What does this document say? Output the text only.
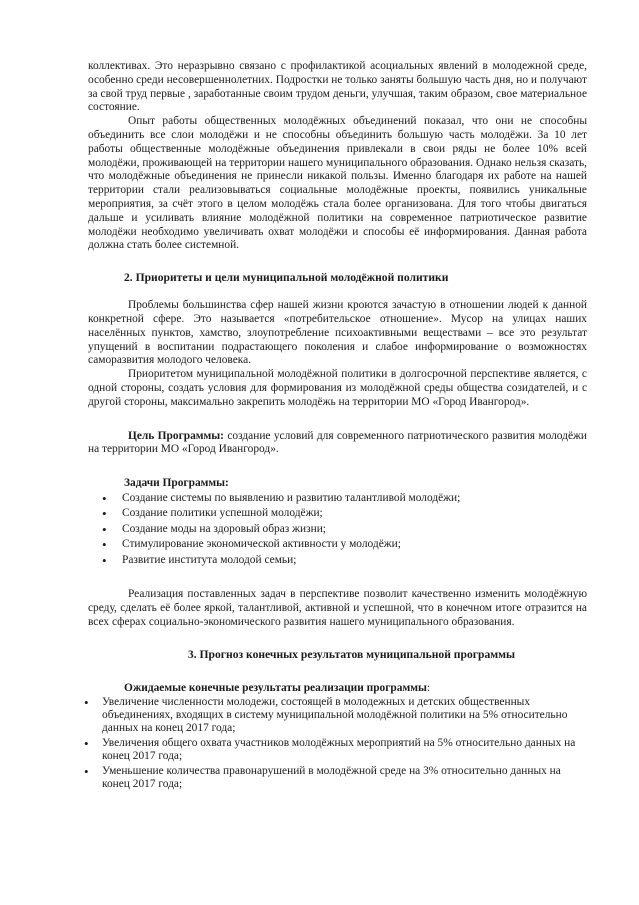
коллективах. Это неразрывно связано с профилактикой асоциальных явлений в молодежной среде, особенно среди несовершеннолетних. Подростки не только заняты большую часть дня, но и получают за свой труд первые , заработанные своим трудом деньги, улучшая, таким образом, свое материальное состояние.

Опыт работы общественных молодёжных объединений показал, что они не способны объединить все слои молодёжи и не способны объединить большую часть молодёжи. За 10 лет работы общественные молодёжные объединения привлекали в свои ряды не более 10% всей молодёжи, проживающей на территории нашего муниципального образования. Однако нельзя сказать, что молодёжные объединения не принесли никакой пользы. Именно благодаря их работе на нашей территории стали реализовываться социальные молодёжные проекты, появились уникальные мероприятия, за счёт этого в целом молодёжь стала более организована. Для того чтобы двигаться дальше и усиливать влияние молодёжной политики на современное патриотическое развитие молодёжи необходимо увеличивать охват молодёжи и способы её информирования. Данная работа должна стать более системной.

2. Приоритеты и цели муниципальной молодёжной политики

Проблемы большинства сфер нашей жизни кроются зачастую в отношении людей к данной конкретной сфере. Это называется «потребительское отношение». Мусор на улицах наших населённых пунктов, хамство, злоупотребление психоактивными веществами – все это результат упущений в воспитании подрастающего поколения и слабое информирование о возможностях саморазвития молодого человека.

Приоритетом муниципальной молодёжной политики в долгосрочной перспективе является, с одной стороны, создать условия для формирования из молодёжной среды общества созидателей, и с другой стороны, максимально закрепить молодёжь на территории МО «Город Ивангород».

Цель Программы: создание условий для современного патриотического развития молодёжи на территории МО «Город Ивангород».

Задачи Программы:

• Создание системы по выявлению и развитию талантливой молодёжи;
• Создание политики успешной молодёжи;
• Создание моды на здоровый образ жизни;
• Стимулирование экономической активности у молодёжи;
• Развитие института молодой семьи;

Реализация поставленных задач в перспективе позволит качественно изменить молодёжную среду, сделать её более яркой, талантливой, активной и успешной, что в конечном итоге отразится на всех сферах социально-экономического развития нашего муниципального образования.

3. Прогноз конечных результатов муниципальной программы

Ожидаемые конечные результаты реализации программы:

• Увеличение численности молодежи, состоящей в молодежных и детских общественных объединениях, входящих в систему муниципальной молодёжной политики на 5% относительно данных на конец 2017 года;
• Увеличения общего охвата участников молодёжных мероприятий на 5% относительно данных на конец 2017 года;
• Уменьшение количества правонарушений в молодёжной среде на 3% относительно данных на конец 2017 года;
